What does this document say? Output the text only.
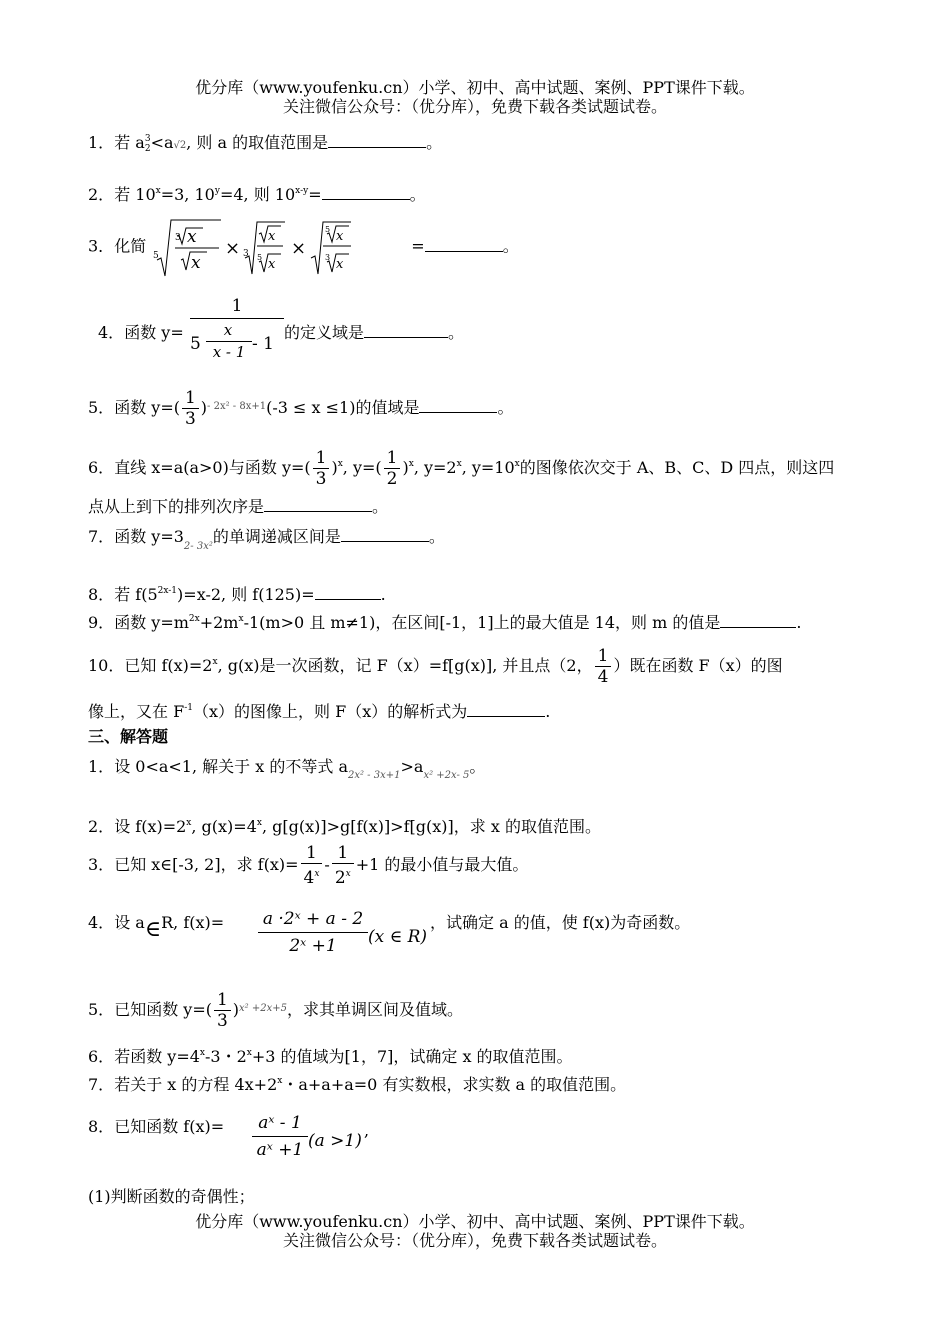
优分库（www.youfenku.cn）小学、初中、高中试题、案例、PPT课件下载。
关注微信公众号：（优分库），免费下载各类试题试卷。
1．若 a 3
2 <a√2, 则 a 的取值范围是	。
2．若 $10^x=3$, $10^y=4$, 则 $10^{x-y}=$	。
3．化简
5
3 x
x
× 3
x
5 x
×
5 x
3 x
=	。
4．函数 y=
1
5
x
x - 1 - 1
的定义域是	。
5．函数 $y=( \frac{1}{3} )^{- 2x^2 - 8x+1}(-3 \le x \le 1)$的值域是	。
6．直线 x=a(a>0)与函数 $y=( \frac{1}{3} )^x$, $y=( \frac{1}{2} )^x$, $y=2^x$, $y=10^x$的图像依次交于 A、B、C、D 四点，则这四
点从上到下的排列次序是	。
7．函数 $y=3_{2- 3x^2}$的单调递减区间是	。
8．若 $f(5^{2x-1})=x-2$, 则 f(125)=	.
9．函数 $y=m^{2x}+2m^x-1(m>0$ 且 m≠1)，在区间[-1，1]上的最大值是 14，则 m 的值是	.
10．已知 $f(x)=2^x$, g(x)是一次函数，记 F（x）=f[g(x)], 并且点（2， $\frac{1}{4}$ ）既在函数 F（x）的图
像上，又在 $F^{-1}(x)$的图像上，则 F（x）的解析式为	.
三、解答题
1．设 0<a<1, 解关于 x 的不等式 $a_{2x^2 - 3x+1}>a_{x^2 +2x- 5}$。
2．设 $f(x)=2^x$, $g(x)=4^x$, g[g(x)]>g[f(x)]>f[g(x)]，求 x 的取值范围。
3．已知 x∈[-3, 2]，求 $f(x)= \frac{1}{4^x} - \frac{1}{2^x} +1$ 的最小值与最大值。
4．设 a∈R, $f(x)= \frac{\text{a ·2ˣ + a - 2}}{\text{2ˣ +1}} (x$ ∈ R)
，试确定 a 的值，使 f(x)为奇函数。
5．已知函数 $y=( \frac{1}{3} )^{x^2 +2x+5}$，求其单调区间及值域。
6．若函数 $y=4^x-3$・$2^x+3$ 的值域为[1，7]，试确定 x 的取值范围。
7．若关于 x 的方程 $4x+2^x$・a+a+a=0 有实数根，求实数 a 的取值范围。
8．已知函数 $f(x)= \frac{\text{aˣ - 1}}{\text{aˣ +1}} (a >1)$
,
(1)判断函数的奇偶性；
优分库（www.youfenku.cn）小学、初中、高中试题、案例、PPT课件下载。
关注微信公众号：（优分库），免费下载各类试题试卷。
